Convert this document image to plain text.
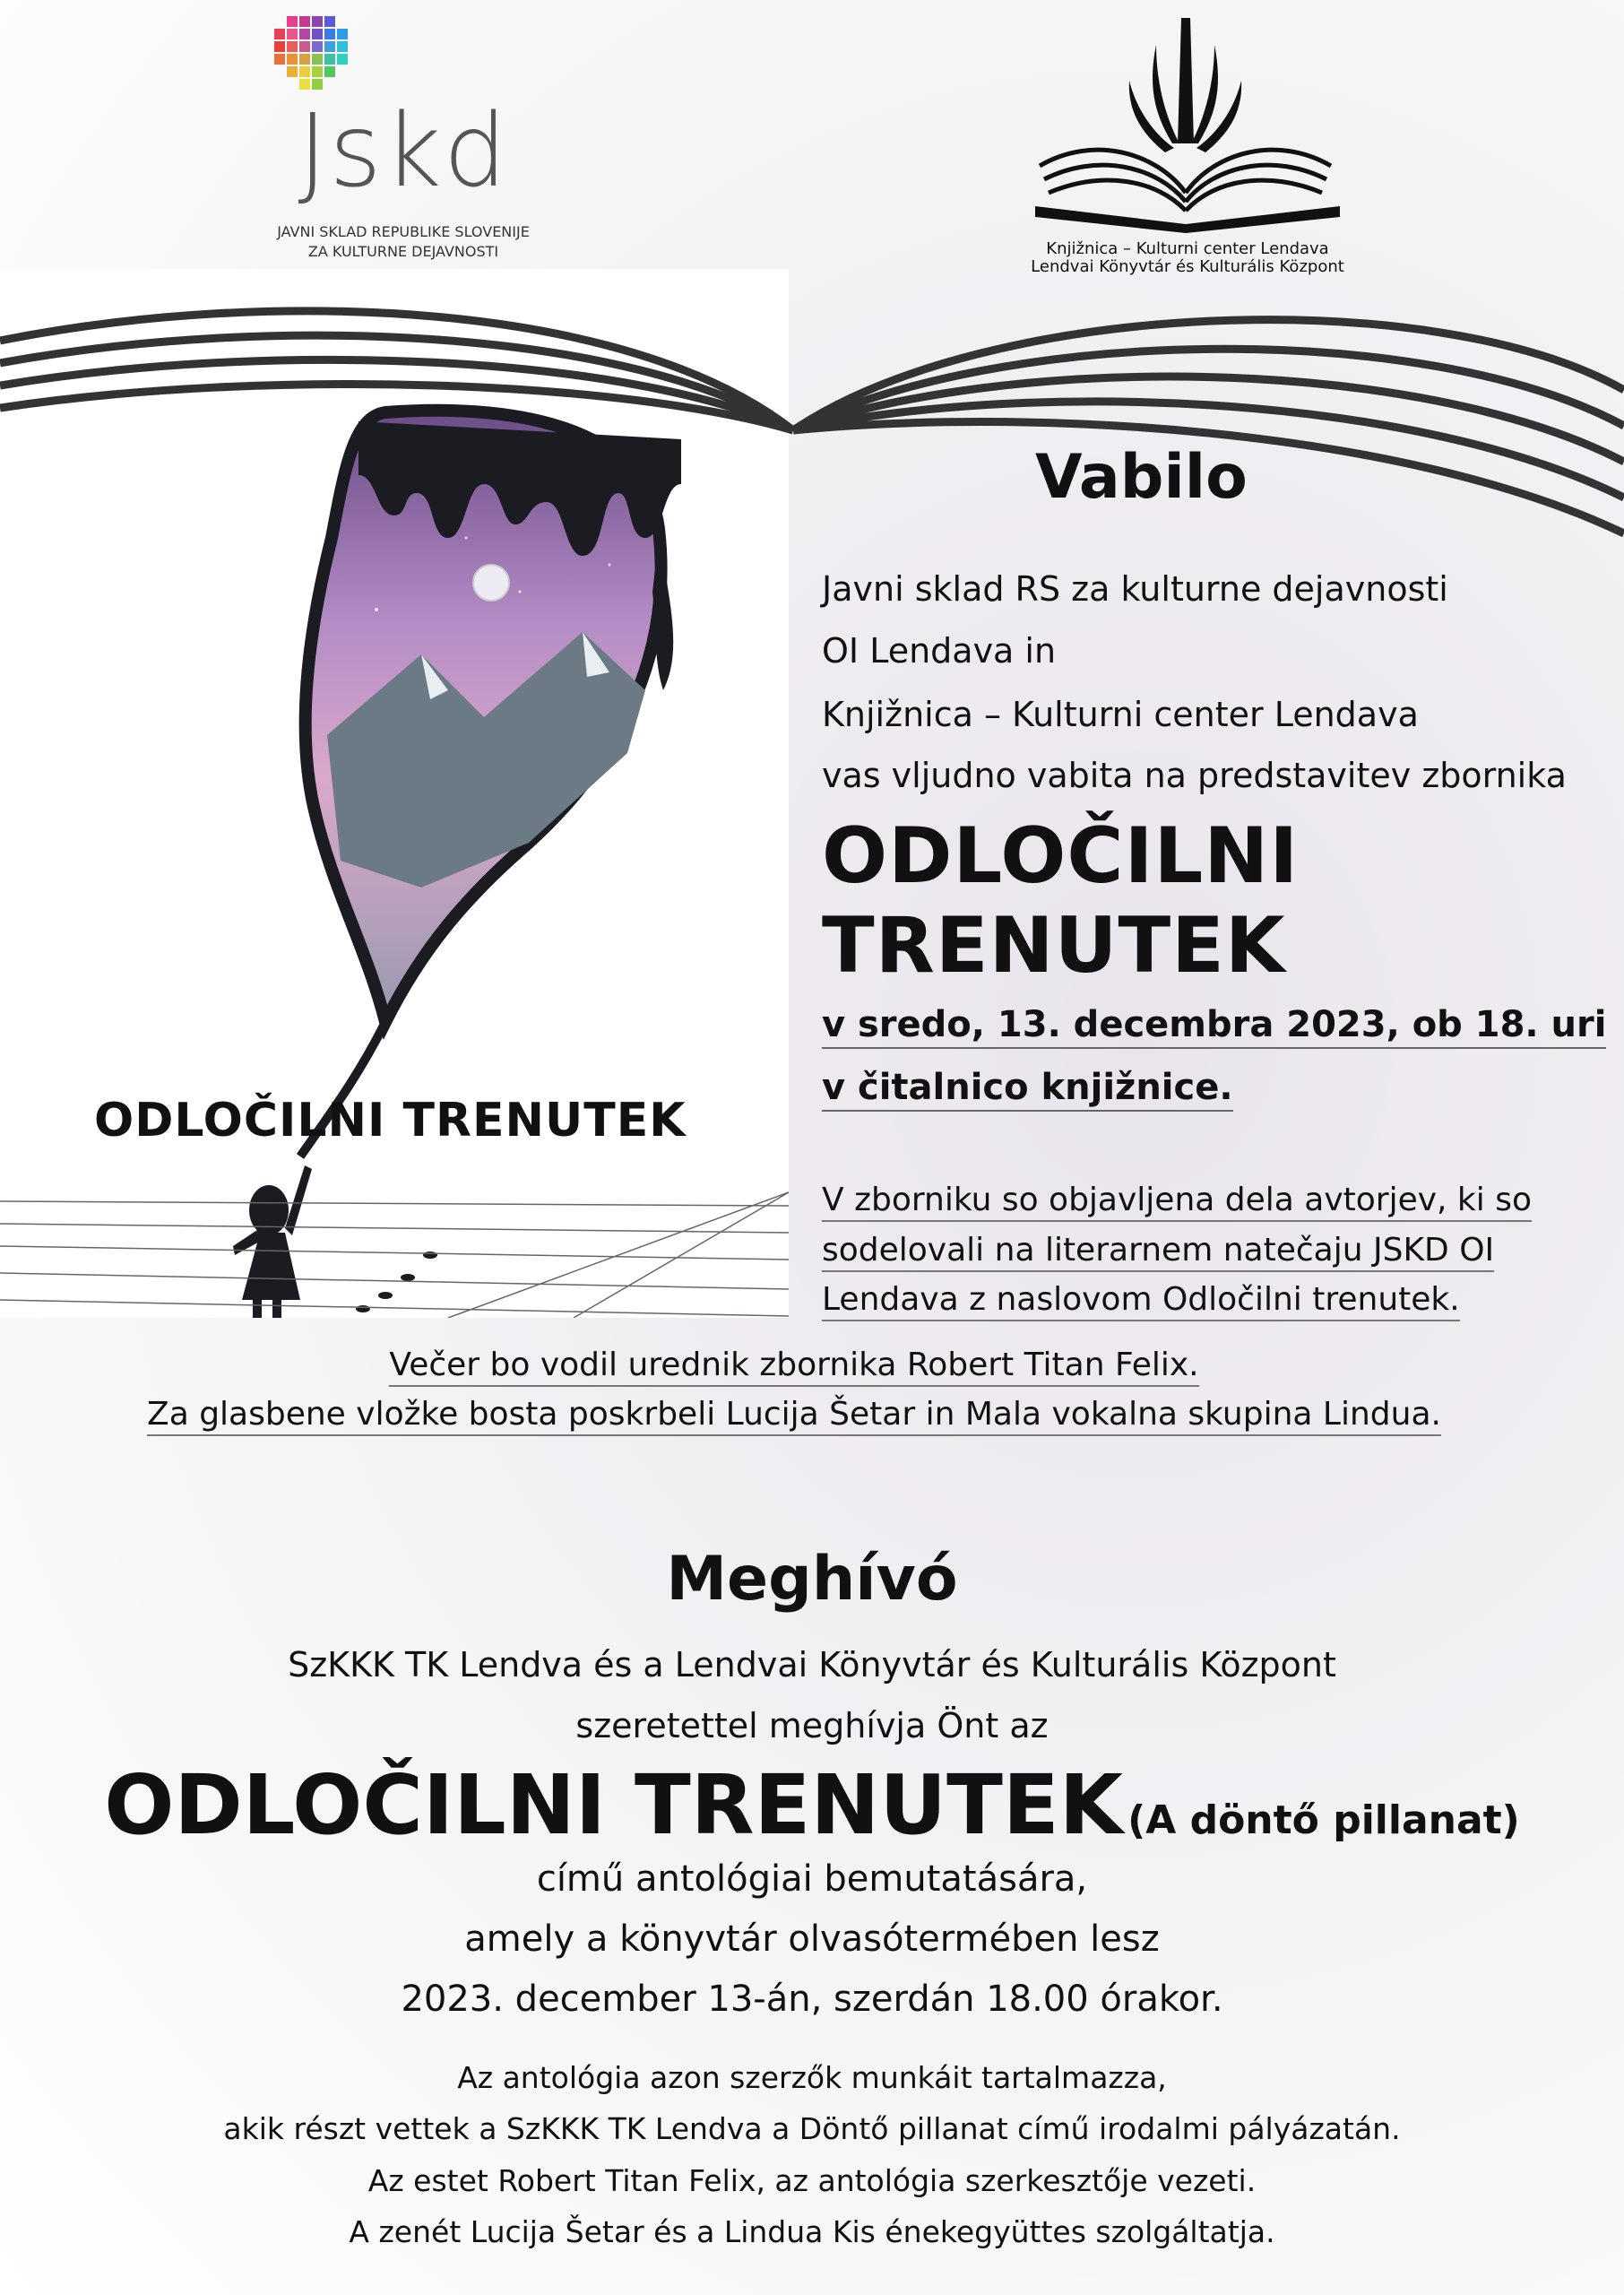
ODLOČILNI TRENUTEK
Jskd
JAVNI SKLAD REPUBLIKE SLOVENIJE
ZA KULTURNE DEJAVNOSTI	Knjižnica – Kulturni center Lendava
Lendvai Könyvtár és Kulturális Központ
Vabilo
Javni sklad RS za kulturne dejavnosti
OI Lendava in
Knjižnica – Kulturni center Lendava
vas vljudno vabita na predstavitev zbornika
ODLOČILNI
TRENUTEK
v sredo, 13. decembra 2023, ob 18. uri
v čitalnico knjižnice.
V zborniku so objavljena dela avtorjev, ki so
sodelovali na literarnem natečaju JSKD OI
Lendava z naslovom Odločilni trenutek.
Večer bo vodil urednik zbornika Robert Titan Felix.
Za glasbene vložke bosta poskrbeli Lucija Šetar in Mala vokalna skupina Lindua.
Meghívó
SzKKK TK Lendva és a Lendvai Könyvtár és Kulturális Központ
szeretettel meghívja Önt az
ODLOČILNI TRENUTEK (A döntő pillanat)
című antológiai bemutatására,
amely a könyvtár olvasótermében lesz
2023. december 13-án, szerdán 18.00 órakor.
Az antológia azon szerzők munkáit tartalmazza,
akik részt vettek a SzKKK TK Lendva a Döntő pillanat című irodalmi pályázatán.
Az estet Robert Titan Felix, az antológia szerkesztője vezeti.
A zenét Lucija Šetar és a Lindua Kis énekegyüttes szolgáltatja.
